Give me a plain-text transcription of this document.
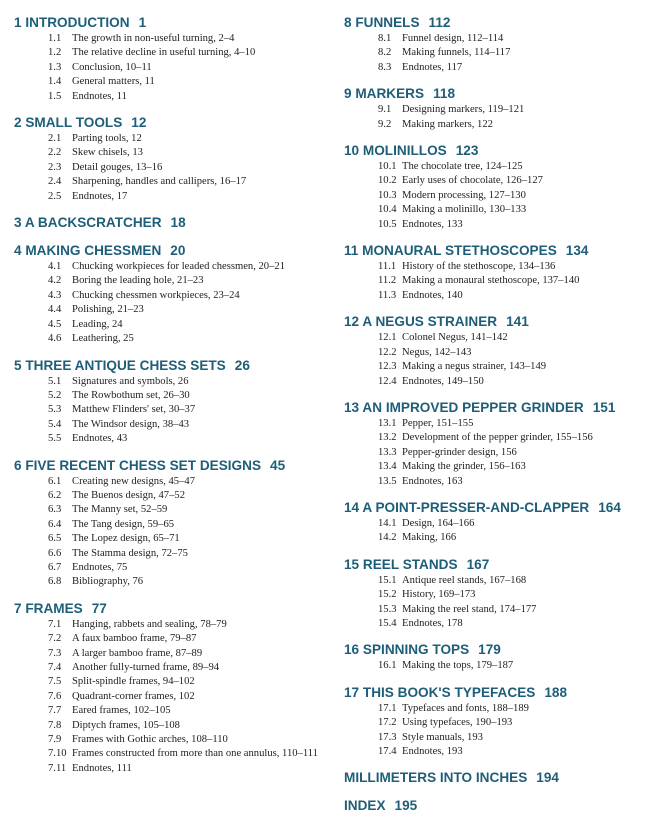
1 INTRODUCTION 1
1.1 The growth in non-useful turning, 2–4
1.2 The relative decline in useful turning, 4–10
1.3 Conclusion, 10–11
1.4 General matters, 11
1.5 Endnotes, 11
2 SMALL TOOLS 12
2.1 Parting tools, 12
2.2 Skew chisels, 13
2.3 Detail gouges, 13–16
2.4 Sharpening, handles and callipers, 16–17
2.5 Endnotes, 17
3 A BACKSCRATCHER 18
4 MAKING CHESSMEN 20
4.1 Chucking workpieces for leaded chessmen, 20–21
4.2 Boring the leading hole, 21–23
4.3 Chucking chessmen workpieces, 23–24
4.4 Polishing, 21–23
4.5 Leading, 24
4.6 Leathering, 25
5 THREE ANTIQUE CHESS SETS 26
5.1 Signatures and symbols, 26
5.2 The Rowbothum set, 26–30
5.3 Matthew Flinders' set, 30–37
5.4 The Windsor design, 38–43
5.5 Endnotes, 43
6 FIVE RECENT CHESS SET DESIGNS 45
6.1 Creating new designs, 45–47
6.2 The Buenos design, 47–52
6.3 The Manny set, 52–59
6.4 The Tang design, 59–65
6.5 The Lopez design, 65–71
6.6 The Stamma design, 72–75
6.7 Endnotes, 75
6.8 Bibliography, 76
7 FRAMES 77
7.1 Hanging, rabbets and sealing, 78–79
7.2 A faux bamboo frame, 79–87
7.3 A larger bamboo frame, 87–89
7.4 Another fully-turned frame, 89–94
7.5 Split-spindle frames, 94–102
7.6 Quadrant-corner frames, 102
7.7 Eared frames, 102–105
7.8 Diptych frames, 105–108
7.9 Frames with Gothic arches, 108–110
7.10 Frames constructed from more than one annulus, 110–111
7.11 Endnotes, 111
8 FUNNELS 112
8.1 Funnel design, 112–114
8.2 Making funnels, 114–117
8.3 Endnotes, 117
9 MARKERS 118
9.1 Designing markers, 119–121
9.2 Making markers, 122
10 MOLINILLOS 123
10.1 The chocolate tree, 124–125
10.2 Early uses of chocolate, 126–127
10.3 Modern processing, 127–130
10.4 Making a molinillo, 130–133
10.5 Endnotes, 133
11 MONAURAL STETHOSCOPES 134
11.1 History of the stethoscope, 134–136
11.2 Making a monaural stethoscope, 137–140
11.3 Endnotes, 140
12 A NEGUS STRAINER 141
12.1 Colonel Negus, 141–142
12.2 Negus, 142–143
12.3 Making a negus strainer, 143–149
12.4 Endnotes, 149–150
13 AN IMPROVED PEPPER GRINDER 151
13.1 Pepper, 151–155
13.2 Development of the pepper grinder, 155–156
13.3 Pepper-grinder design, 156
13.4 Making the grinder, 156–163
13.5 Endnotes, 163
14 A POINT-PRESSER-AND-CLAPPER 164
14.1 Design, 164–166
14.2 Making, 166
15 REEL STANDS 167
15.1 Antique reel stands, 167–168
15.2 History, 169–173
15.3 Making the reel stand, 174–177
15.4 Endnotes, 178
16 SPINNING TOPS 179
16.1 Making the tops, 179–187
17 THIS BOOK'S TYPEFACES 188
17.1 Typefaces and fonts, 188–189
17.2 Using typefaces, 190–193
17.3 Style manuals, 193
17.4 Endnotes, 193
MILLIMETERS INTO INCHES 194
INDEX 195
